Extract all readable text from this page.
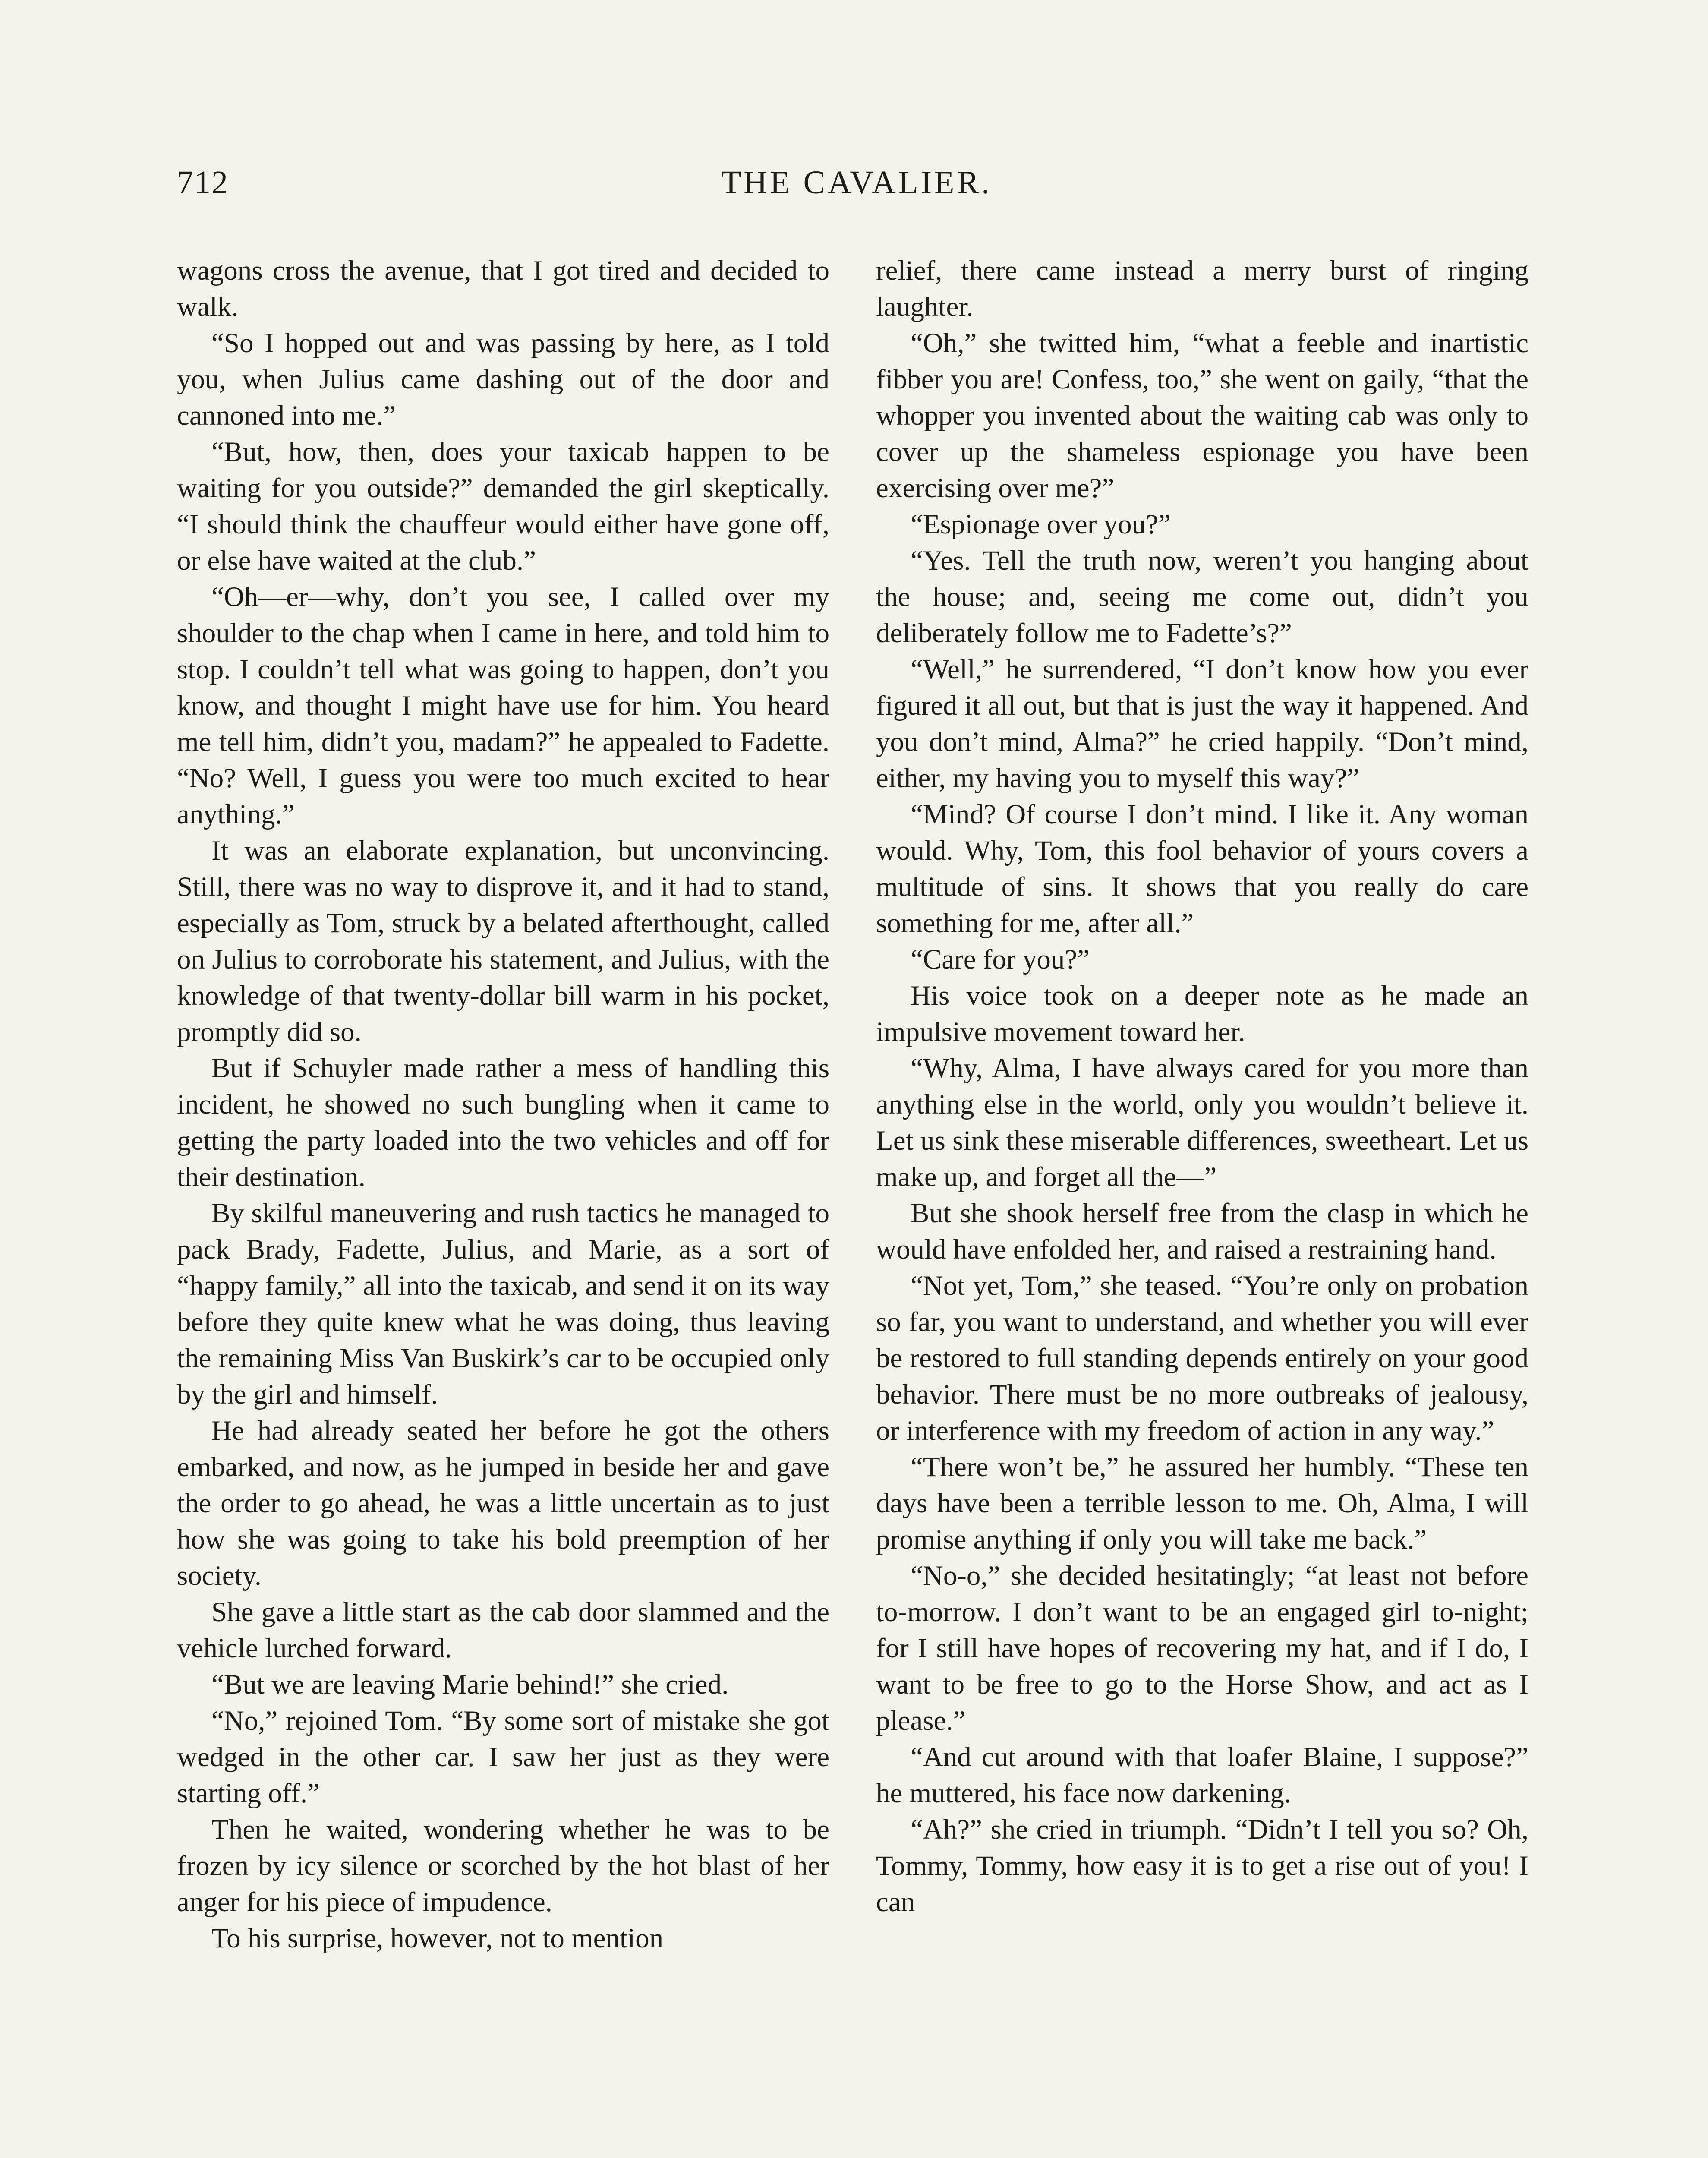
712	THE CAVALIER.

wagons cross the avenue, that I got tired and decided to walk.

“So I hopped out and was passing by here, as I told you, when Julius came dashing out of the door and cannoned into me.”

“But, how, then, does your taxicab happen to be waiting for you outside?” demanded the girl skeptically. “I should think the chauffeur would either have gone off, or else have waited at the club.”

“Oh—er—why, don’t you see, I called over my shoulder to the chap when I came in here, and told him to stop. I couldn’t tell what was going to happen, don’t you know, and thought I might have use for him. You heard me tell him, didn’t you, madam?” he appealed to Fadette. “No? Well, I guess you were too much excited to hear anything.”

It was an elaborate explanation, but unconvincing. Still, there was no way to disprove it, and it had to stand, especially as Tom, struck by a belated afterthought, called on Julius to corroborate his statement, and Julius, with the knowledge of that twenty-dollar bill warm in his pocket, promptly did so.

But if Schuyler made rather a mess of handling this incident, he showed no such bungling when it came to getting the party loaded into the two vehicles and off for their destination.

By skilful maneuvering and rush tactics he managed to pack Brady, Fadette, Julius, and Marie, as a sort of “happy family,” all into the taxicab, and send it on its way before they quite knew what he was doing, thus leaving the remaining Miss Van Buskirk’s car to be occupied only by the girl and himself.

He had already seated her before he got the others embarked, and now, as he jumped in beside her and gave the order to go ahead, he was a little uncertain as to just how she was going to take his bold preemption of her society.

She gave a little start as the cab door slammed and the vehicle lurched forward.

“But we are leaving Marie behind!” she cried.

“No,” rejoined Tom. “By some sort of mistake she got wedged in the other car. I saw her just as they were starting off.”

Then he waited, wondering whether he was to be frozen by icy silence or scorched by the hot blast of her anger for his piece of impudence.

To his surprise, however, not to mention

relief, there came instead a merry burst of ringing laughter.

“Oh,” she twitted him, “what a feeble and inartistic fibber you are! Confess, too,” she went on gaily, “that the whopper you invented about the waiting cab was only to cover up the shameless espionage you have been exercising over me?”

“Espionage over you?”

“Yes. Tell the truth now, weren’t you hanging about the house; and, seeing me come out, didn’t you deliberately follow me to Fadette’s?”

“Well,” he surrendered, “I don’t know how you ever figured it all out, but that is just the way it happened. And you don’t mind, Alma?” he cried happily. “Don’t mind, either, my having you to myself this way?”

“Mind? Of course I don’t mind. I like it. Any woman would. Why, Tom, this fool behavior of yours covers a multitude of sins. It shows that you really do care something for me, after all.”

“Care for you?”

His voice took on a deeper note as he made an impulsive movement toward her.

“Why, Alma, I have always cared for you more than anything else in the world, only you wouldn’t believe it. Let us sink these miserable differences, sweetheart. Let us make up, and forget all the—”

But she shook herself free from the clasp in which he would have enfolded her, and raised a restraining hand.

“Not yet, Tom,” she teased. “You’re only on probation so far, you want to understand, and whether you will ever be restored to full standing depends entirely on your good behavior. There must be no more outbreaks of jealousy, or interference with my freedom of action in any way.”

“There won’t be,” he assured her humbly. “These ten days have been a terrible lesson to me. Oh, Alma, I will promise anything if only you will take me back.”

“No-o,” she decided hesitatingly; “at least not before to-morrow. I don’t want to be an engaged girl to-night; for I still have hopes of recovering my hat, and if I do, I want to be free to go to the Horse Show, and act as I please.”

“And cut around with that loafer Blaine, I suppose?” he muttered, his face now darkening.

“Ah?” she cried in triumph. “Didn’t I tell you so? Oh, Tommy, Tommy, how easy it is to get a rise out of you! I can
